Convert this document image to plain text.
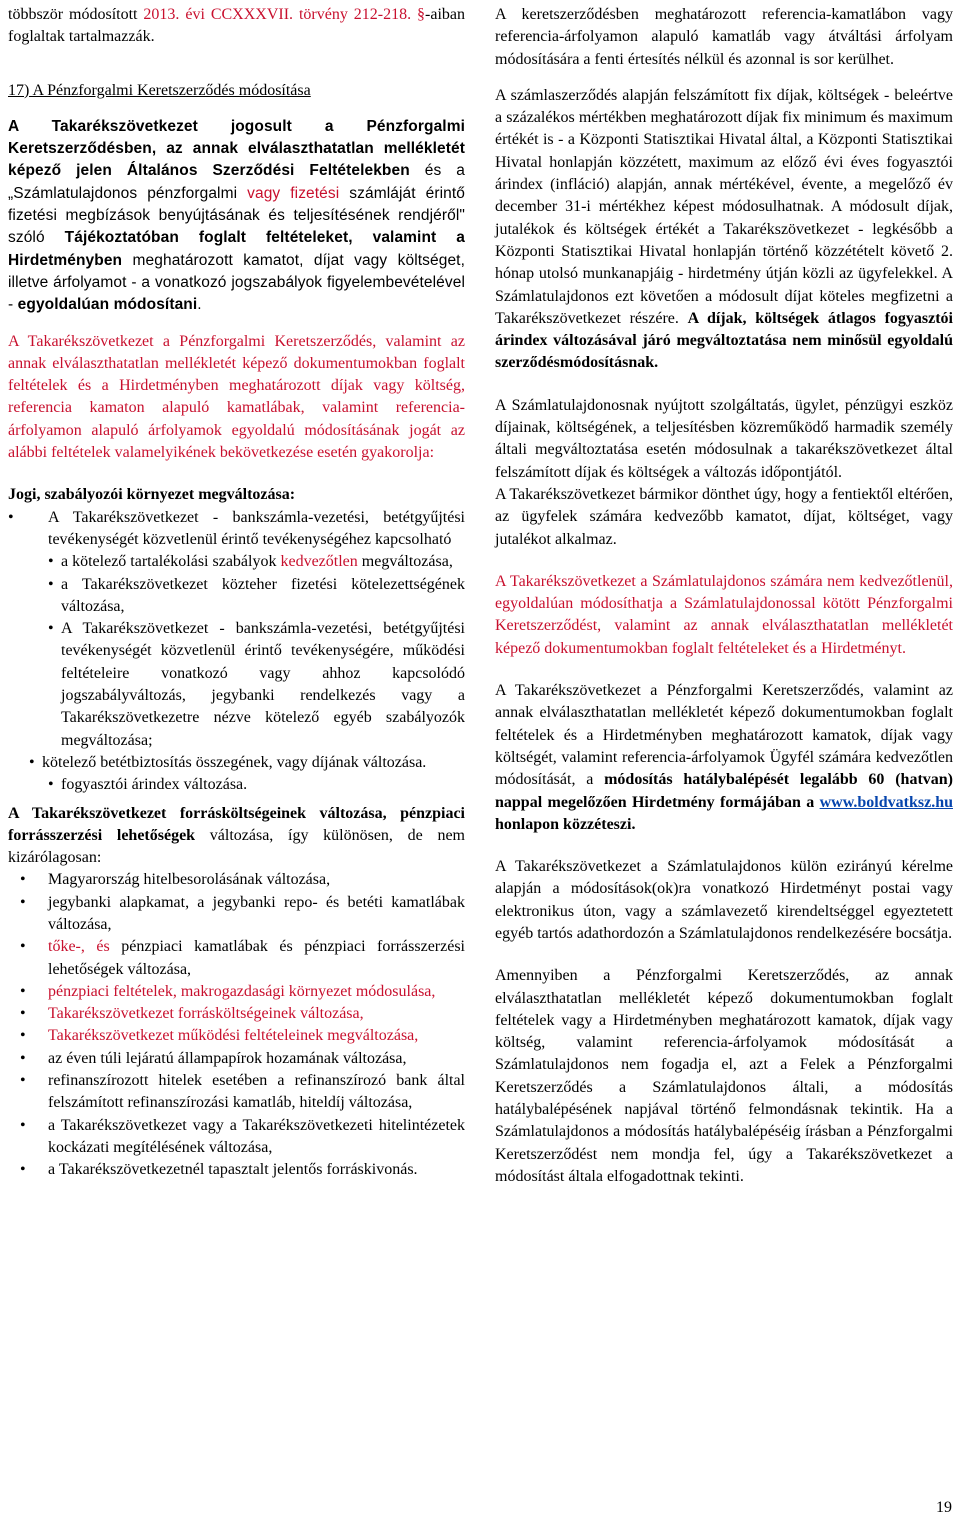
többször módosított 2013. évi CCXXXVII. törvény 212-218. §-aiban foglaltak tartalmazzák.

17) A Pénzforgalmi Keretszerződés módosítása

A Takarékszövetkezet jogosult a Pénzforgalmi Keretszerződésben, az annak elválaszthatatlan mellékletét képező jelen Általános Szerződési Feltételekben és a „Számlatulajdonos pénzforgalmi vagy fizetési számláját érintő fizetési megbízások benyújtásának és teljesítésének rendjéről" szóló Tájékoztatóban foglalt feltételeket, valamint a Hirdetményben meghatározott kamatot, díjat vagy költséget, illetve árfolyamot - a vonatkozó jogszabályok figyelembevételével - egyoldalúan módosítani.

A Takarékszövetkezet a Pénzforgalmi Keretszerződés, valamint az annak elválaszthatatlan mellékletét képező dokumentumokban foglalt feltételek és a Hirdetményben meghatározott díjak vagy költség, referencia kamaton alapuló kamatlábak, valamint referencia-árfolyamon alapuló árfolyamok egyoldalú módosításának jogát az alábbi feltételek valamelyikének bekövetkezése esetén gyakorolja:

Jogi, szabályozói környezet megváltozása:

• A Takarékszövetkezet - bankszámla-vezetési, betétgyűjtési tevékenységét közvetlenül érintő tevékenységéhez kapcsolható
• a kötelező tartalékolási szabályok kedvezőtlen megváltozása,
• a Takarékszövetkezet közteher fizetési kötelezettségének változása,
• A Takarékszövetkezet - bankszámla-vezetési, betétgyűjtési tevékenységét közvetlenül érintő tevékenységére, működési feltételeire vonatkozó vagy ahhoz kapcsolódó jogszabályváltozás, jegybanki rendelkezés vagy a Takarékszövetkezetre nézve kötelező egyéb szabályozók megváltozása;
• kötelező betétbiztosítás összegének, vagy díjának változása.
• fogyasztói árindex változása.

A Takarékszövetkezet forrásköltségeinek változása, pénzpiaci forrásszerzési lehetőségek változása, így különösen, de nem kizárólagosan:

• Magyarország hitelbesorolásának változása,
• jegybanki alapkamat, a jegybanki repo- és betéti kamatlábak változása,
• tőke-, és pénzpiaci kamatlábak és pénzpiaci forrásszerzési lehetőségek változása,
• pénzpiaci feltételek, makrogazdasági környezet módosulása,
• Takarékszövetkezet forrásköltségeinek változása,
• Takarékszövetkezet működési feltételeinek megváltozása,
• az éven túli lejáratú állampapírok hozamának változása,
• refinanszírozott hitelek esetében a refinanszírozó bank által felszámított refinanszírozási kamatláb, hiteldíj változása,
• a Takarékszövetkezet vagy a Takarékszövetkezeti hitelintézetek kockázati megítélésének változása,
• a Takarékszövetkezetnél tapasztalt jelentős forráskivonás.

A keretszerződésben meghatározott referencia-kamatlábon vagy referencia-árfolyamon alapuló kamatláb vagy átváltási árfolyam módosítására a fenti értesítés nélkül és azonnal is sor kerülhet.

A számlaszerződés alapján felszámított fix díjak, költségek - beleértve a százalékos mértékben meghatározott díjak fix minimum és maximum értékét is - a Központi Statisztikai Hivatal által, a Központi Statisztikai Hivatal honlapján közzétett, maximum az előző évi éves fogyasztói árindex (infláció) alapján, annak mértékével, évente, a megelőző év december 31-i mértékhez képest módosulhatnak. A módosult díjak, jutalékok és költségek értékét a Takarékszövetkezet - legkésőbb a Központi Statisztikai Hivatal honlapján történő közzétételt követő 2. hónap utolsó munkanapjáig - hirdetmény útján közli az ügyfelekkel. A Számlatulajdonos ezt követően a módosult díjat köteles megfizetni a Takarékszövetkezet részére. A díjak, költségek átlagos fogyasztói árindex változásával járó megváltoztatása nem minősül egyoldalú szerződésmódosításnak.

A Számlatulajdonosnak nyújtott szolgáltatás, ügylet, pénzügyi eszköz díjainak, költségének, a teljesítésben közreműködő harmadik személy általi megváltoztatása esetén módosulnak a takarékszövetkezet által felszámított díjak és költségek a változás időpontjától.

A Takarékszövetkezet bármikor dönthet úgy, hogy a fentiektől eltérően, az ügyfelek számára kedvezőbb kamatot, díjat, költséget, vagy jutalékot alkalmaz.

A Takarékszövetkezet a Számlatulajdonos számára nem kedvezőtlenül, egyoldalúan módosíthatja a Számlatulajdonossal kötött Pénzforgalmi Keretszerződést, valamint az annak elválaszthatatlan mellékletét képező dokumentumokban foglalt feltételeket és a Hirdetményt.

A Takarékszövetkezet a Pénzforgalmi Keretszerződés, valamint az annak elválaszthatatlan mellékletét képező dokumentumokban foglalt feltételek és a Hirdetményben meghatározott kamatok, díjak vagy költségét, valamint referencia-árfolyamok Ügyfél számára kedvezőtlen módosítását, a módosítás hatálybalépését legalább 60 (hatvan) nappal megelőzően Hirdetmény formájában a www.boldvatksz.hu honlapon közzéteszi.

A Takarékszövetkezet a Számlatulajdonos külön ezirányú kérelme alapján a módosítások(ok)ra vonatkozó Hirdetményt postai vagy elektronikus úton, vagy a számlavezető kirendeltséggel egyeztetett egyéb tartós adathordozón a Számlatulajdonos rendelkezésére bocsátja.

Amennyiben a Pénzforgalmi Keretszerződés, az annak elválaszthatatlan mellékletét képező dokumentumokban foglalt feltételek vagy a Hirdetményben meghatározott kamatok, díjak vagy költség, valamint referencia-árfolyamok módosítását a Számlatulajdonos nem fogadja el, azt a Felek a Pénzforgalmi Keretszerződés a Számlatulajdonos általi, a módosítás hatálybalépésének napjával történő felmondásnak tekintik. Ha a Számlatulajdonos a módosítás hatálybalépéséig írásban a Pénzforgalmi Keretszerződést nem mondja fel, úgy a Takarékszövetkezet a módosítást általa elfogadottnak tekinti.

19
